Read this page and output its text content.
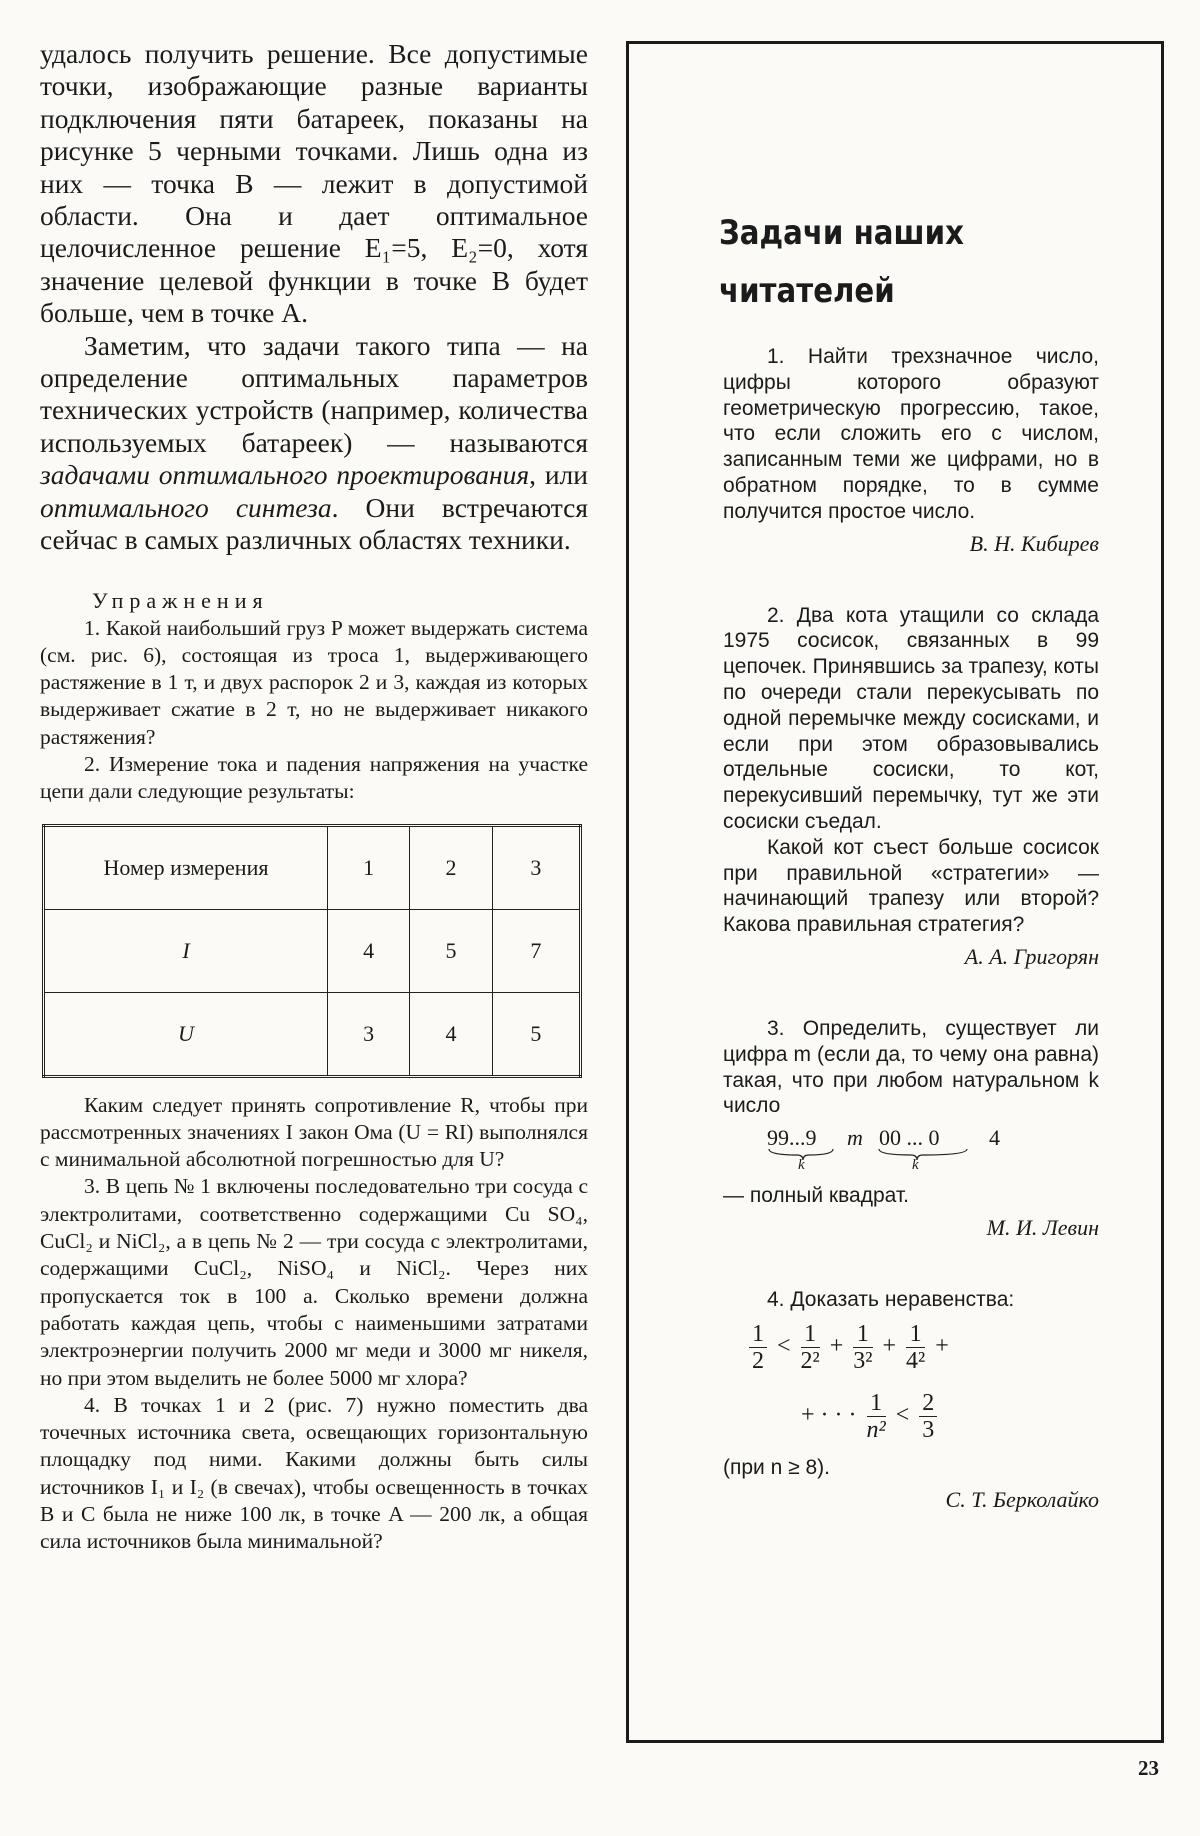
удалось получить решение. Все допустимые точки, изображающие разные варианты подключения пяти батареек, показаны на рисунке 5 черными точками. Лишь одна из них — точка B — лежит в допустимой области. Она и дает оптимальное целочисленное решение E₁=5, E₂=0, хотя значение целевой функции в точке B будет больше, чем в точке A.

Заметим, что задачи такого типа — на определение оптимальных параметров технических устройств (например, количества используемых батареек) — называются задачами оптимального проектирования, или оптимального синтеза. Они встречаются сейчас в самых различных областях техники.

Упражнения

1. Какой наибольший груз P может выдержать система (см. рис. 6), состоящая из троса 1, выдерживающего растяжение в 1 т, и двух распорок 2 и 3, каждая из которых выдерживает сжатие в 2 т, но не выдерживает никакого растяжения?

2. Измерение тока и падения напряжения на участке цепи дали следующие результаты:

Номер измерения	1	2	3
I	4	5	7
U	3	4	5

Каким следует принять сопротивление R, чтобы при рассмотренных значениях I закон Ома (U = RI) выполнялся с минимальной абсолютной погрешностью для U?

3. В цепь № 1 включены последовательно три сосуда с электролитами, соответственно содержащими Cu SO₄, CuCl₂ и NiCl₂, а в цепь № 2 — три сосуда с электролитами, содержащими CuCl₂, NiSO₄ и NiCl₂. Через них пропускается ток в 100 а. Сколько времени должна работать каждая цепь, чтобы с наименьшими затратами электроэнергии получить 2000 мг меди и 3000 мг никеля, но при этом выделить не более 5000 мг хлора?

4. В точках 1 и 2 (рис. 7) нужно поместить два точечных источника света, освещающих горизонтальную площадку под ними. Какими должны быть силы источников I₁ и I₂ (в свечах), чтобы освещенность в точках B и C была не ниже 100 лк, в точке A — 200 лк, а общая сила источников была минимальной?

Задачи наших
читателей

1. Найти трехзначное число, цифры которого образуют геометрическую прогрессию, такое, что если сложить его с числом, записанным теми же цифрами, но в обратном порядке, то в сумме получится простое число.

В. Н. Кибирев

2. Два кота утащили со склада 1975 сосисок, связанных в 99 цепочек. Принявшись за трапезу, коты по очереди стали перекусывать по одной перемычке между сосисками, и если при этом образовывались отдельные сосиски, то кот, перекусивший перемычку, тут же эти сосиски съедал.

Какой кот съест больше сосисок при правильной «стратегии» — начинающий трапезу или второй? Какова правильная стратегия?

А. А. Григорян

3. Определить, существует ли цифра m (если да, то чему она равна) такая, что при любом натуральном k число

99...9 m 00 ... 0 4
k	k

— полный квадрат.

М. И. Левин

4. Доказать неравенства:

$\frac{1}{2} < \frac{1}{\text{2²}} + \frac{1}{\text{3²}} + \frac{1}{\text{4²}}$ +
+ · · · $\frac{1}{\text{n²}} < \frac{2}{3}$

(при n ≥ 8).

С. Т. Берколайко
23
